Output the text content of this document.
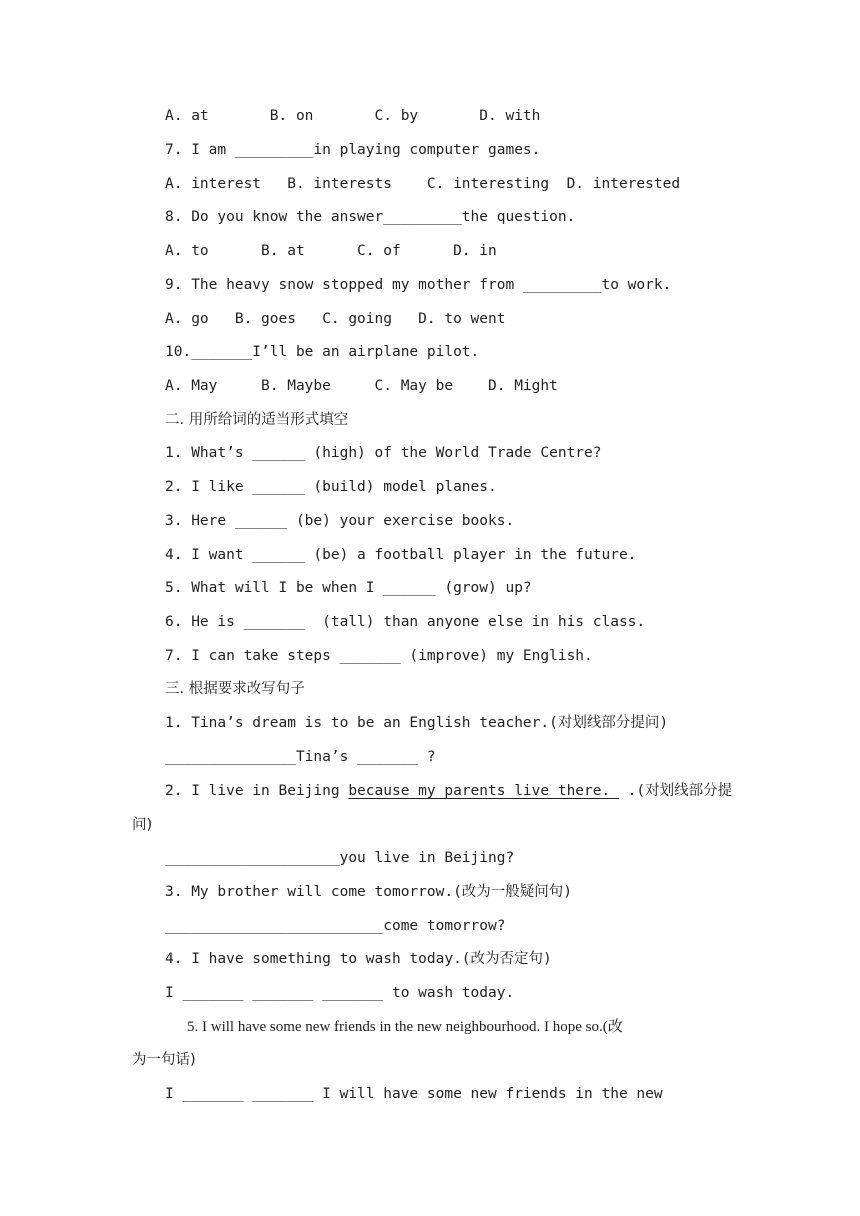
A. at       B. on       C. by       D. with
7. I am _________in playing computer games.
A. interest   B. interests    C. interesting  D. interested
8. Do you know the answer_________the question.
A. to      B. at      C. of      D. in
9. The heavy snow stopped my mother from _________to work.
A. go   B. goes   C. going   D. to went
10._______I’ll be an airplane pilot.
A. May     B. Maybe     C. May be    D. Might
二. 用所给词的适当形式填空
1. What’s ______ (high) of the World Trade Centre?
2. I like ______ (build) model planes.
3. Here ______ (be) your exercise books.
4. I want ______ (be) a football player in the future.
5. What will I be when I ______ (grow) up?
6. He is _______  (tall) than anyone else in his class.
7. I can take steps _______ (improve) my English.
三. 根据要求改写句子
1. Tina’s dream is to be an English teacher.(对划线部分提问)
_______________Tina’s _______ ?
2. I live in Beijing because my parents live there.  .(对划线部分提
问)
____________________you live in Beijing?
3. My brother will come tomorrow.(改为一般疑问句)
_________________________come tomorrow?
4. I have something to wash today.(改为否定句)
I _______ _______ _______ to wash today.
5. I will have some new friends in the new neighbourhood. I hope so.(改
为一句话)
I _______ _______ I will have some new friends in the new
